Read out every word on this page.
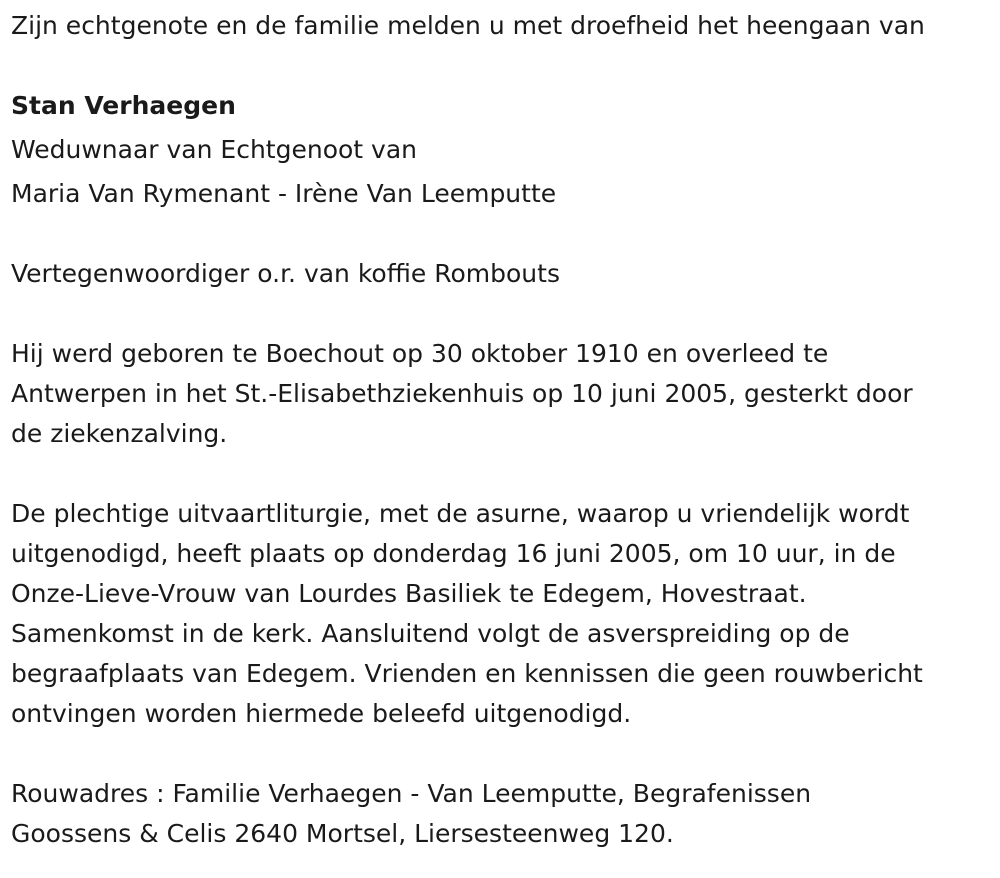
Zijn echtgenote en de familie melden u met droefheid het heengaan van
Stan Verhaegen
Weduwnaar van Echtgenoot van
Maria Van Rymenant - Irène Van Leemputte
Vertegenwoordiger o.r. van koffie Rombouts
Hij werd geboren te Boechout op 30 oktober 1910 en overleed te
Antwerpen in het St.-Elisabethziekenhuis op 10 juni 2005, gesterkt door
de ziekenzalving.
De plechtige uitvaartliturgie, met de asurne, waarop u vriendelijk wordt
uitgenodigd, heeft plaats op donderdag 16 juni 2005, om 10 uur, in de
Onze-Lieve-Vrouw van Lourdes Basiliek te Edegem, Hovestraat.
Samenkomst in de kerk. Aansluitend volgt de asverspreiding op de
begraafplaats van Edegem. Vrienden en kennissen die geen rouwbericht
ontvingen worden hiermede beleefd uitgenodigd.
Rouwadres : Familie Verhaegen - Van Leemputte, Begrafenissen
Goossens & Celis 2640 Mortsel, Liersesteenweg 120.
